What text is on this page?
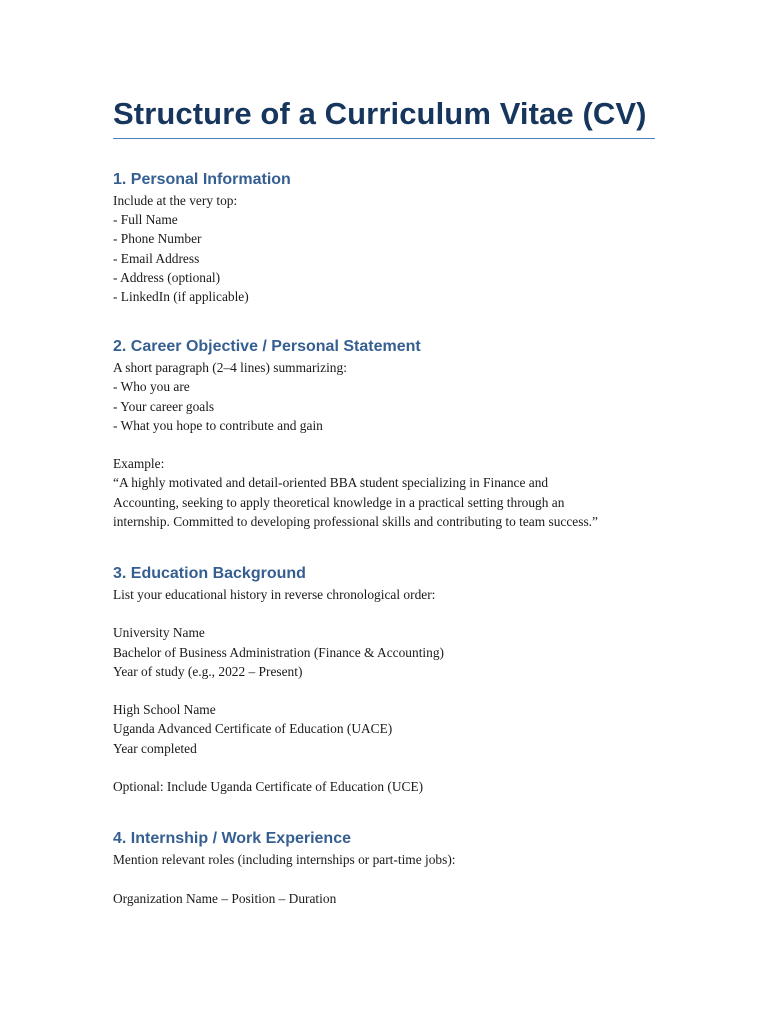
Structure of a Curriculum Vitae (CV)
1. Personal Information
Include at the very top:
- Full Name
- Phone Number
- Email Address
- Address (optional)
- LinkedIn (if applicable)
2. Career Objective / Personal Statement
A short paragraph (2–4 lines) summarizing:
- Who you are
- Your career goals
- What you hope to contribute and gain
Example:
“A highly motivated and detail-oriented BBA student specializing in Finance and
Accounting, seeking to apply theoretical knowledge in a practical setting through an
internship. Committed to developing professional skills and contributing to team success.”
3. Education Background
List your educational history in reverse chronological order:
University Name
Bachelor of Business Administration (Finance & Accounting)
Year of study (e.g., 2022 – Present)
High School Name
Uganda Advanced Certificate of Education (UACE)
Year completed
Optional: Include Uganda Certificate of Education (UCE)
4. Internship / Work Experience
Mention relevant roles (including internships or part-time jobs):
Organization Name – Position – Duration
